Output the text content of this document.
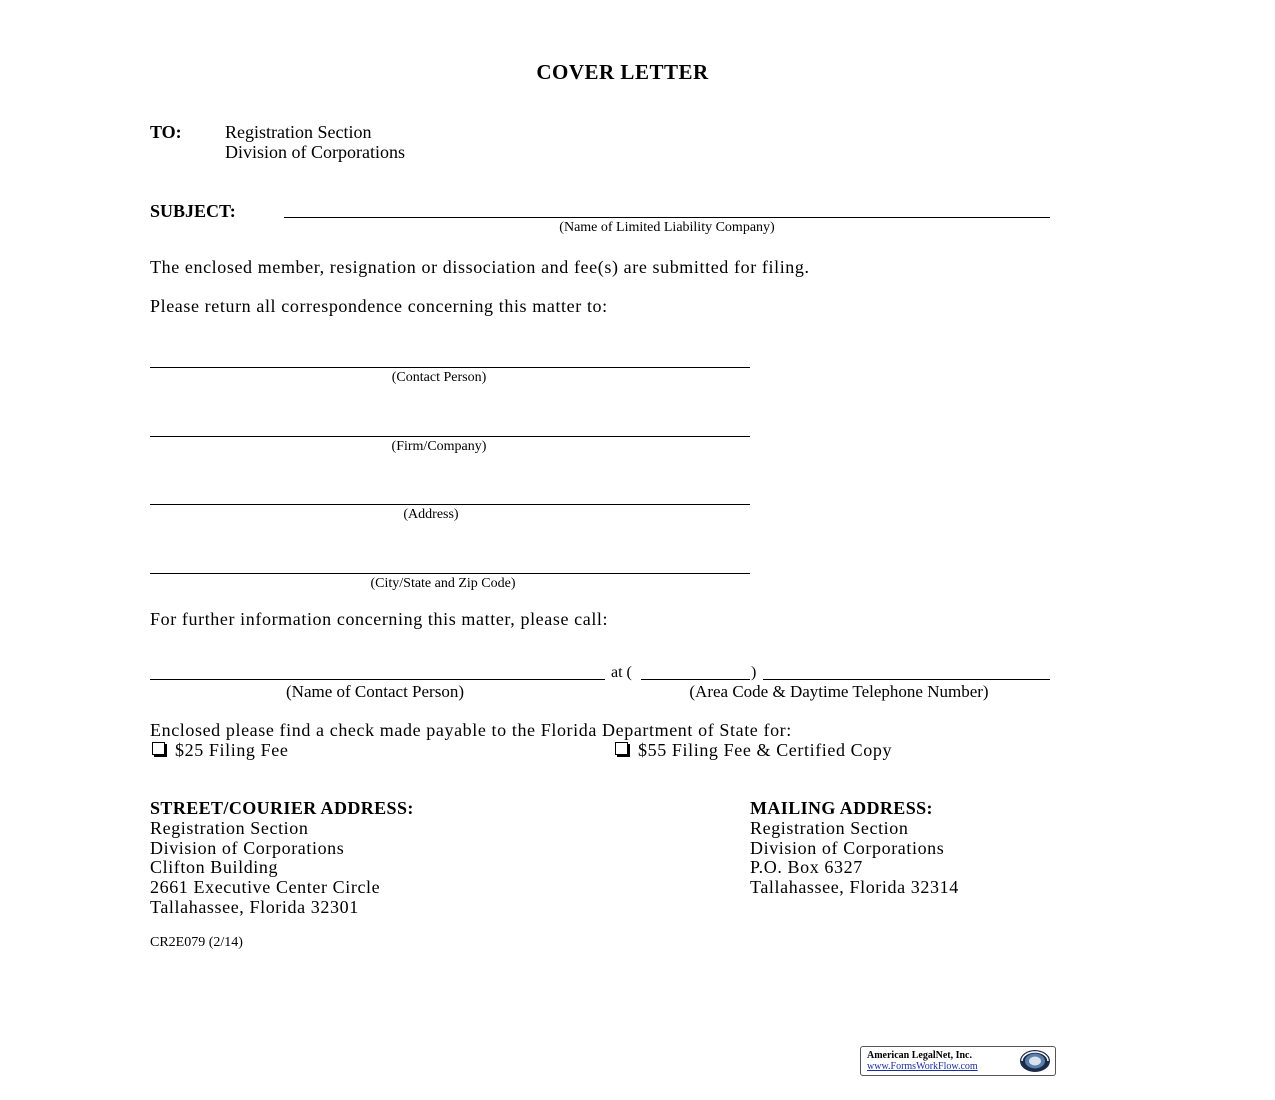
COVER LETTER
TO: Registration Section
Division of Corporations
SUBJECT:
(Name of Limited Liability Company)
The enclosed member, resignation or dissociation and fee(s) are submitted for filing.
Please return all correspondence concerning this matter to:
(Contact Person)
(Firm/Company)
(Address)
(City/State and Zip Code)
For further information concerning this matter, please call:
at (	)
(Name of Contact Person)	(Area Code & Daytime Telephone Number)
Enclosed please find a check made payable to the Florida Department of State for:
$25 Filing Fee	$55 Filing Fee & Certified Copy
STREET/COURIER ADDRESS:
Registration Section
Division of Corporations
Clifton Building
2661 Executive Center Circle
Tallahassee, Florida 32301
MAILING ADDRESS:
Registration Section
Division of Corporations
P.O. Box 6327
Tallahassee, Florida 32314
CR2E079 (2/14)
American LegalNet, Inc.
www.FormsWorkFlow.com
